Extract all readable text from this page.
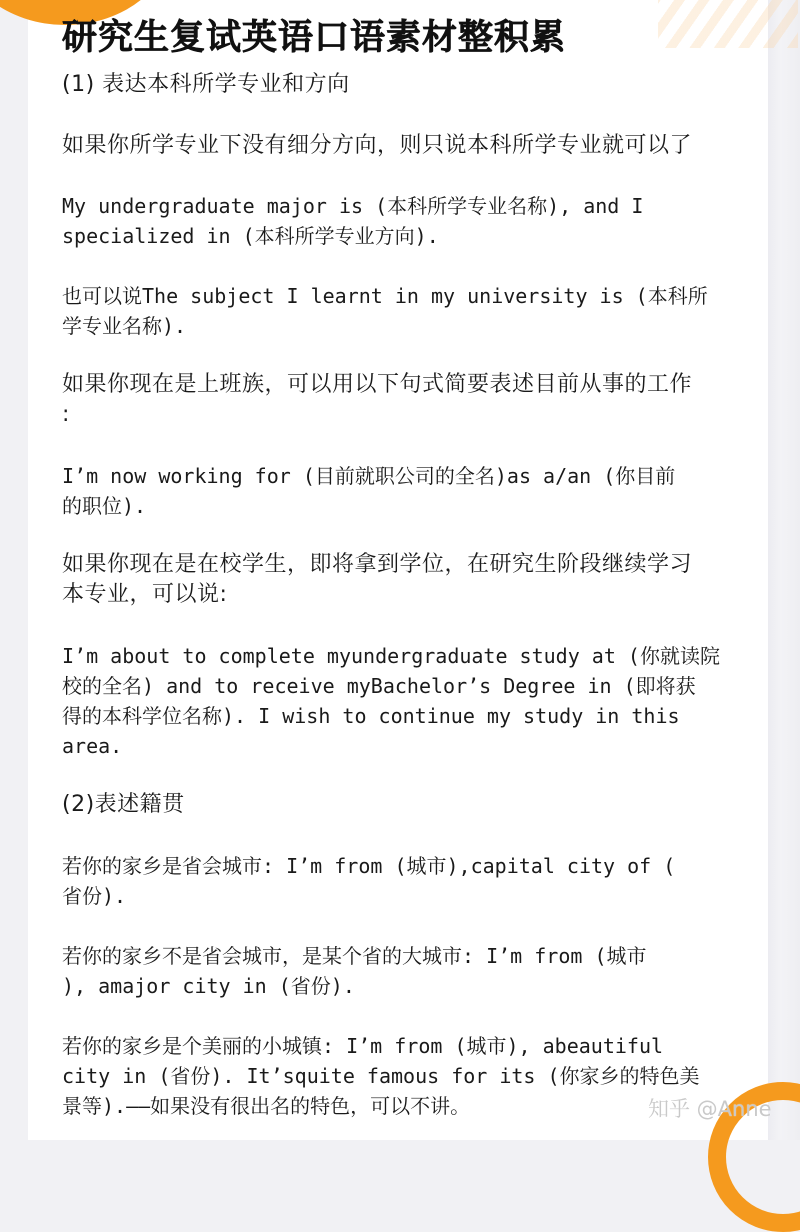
研究生复试英语口语素材整积累

(1) 表达本科所学专业和方向

如果你所学专业下没有细分方向，则只说本科所学专业就可以了

My undergraduate major is (本科所学专业名称), and I

specialized in (本科所学专业方向).

也可以说The subject I learnt in my university is (本科所

学专业名称).

如果你现在是上班族，可以用以下句式简要表述目前从事的工作

:

I’m now working for (目前就职公司的全名)as a/an (你目前

的职位).

如果你现在是在校学生，即将拿到学位，在研究生阶段继续学习

本专业，可以说:

I’m about to complete myundergraduate study at (你就读院

校的全名) and to receive myBachelor’s Degree in (即将获

得的本科学位名称). I wish to continue my study in this

area.

(2)表述籍贯

若你的家乡是省会城市: I’m from (城市),capital city of (

省份).

若你的家乡不是省会城市，是某个省的大城市: I’m from (城市

), amajor city in (省份).

若你的家乡是个美丽的小城镇: I’m from (城市), abeautiful

city in (省份). It’squite famous for its (你家乡的特色美

景等).——如果没有很出名的特色，可以不讲。	知乎 @Anne
